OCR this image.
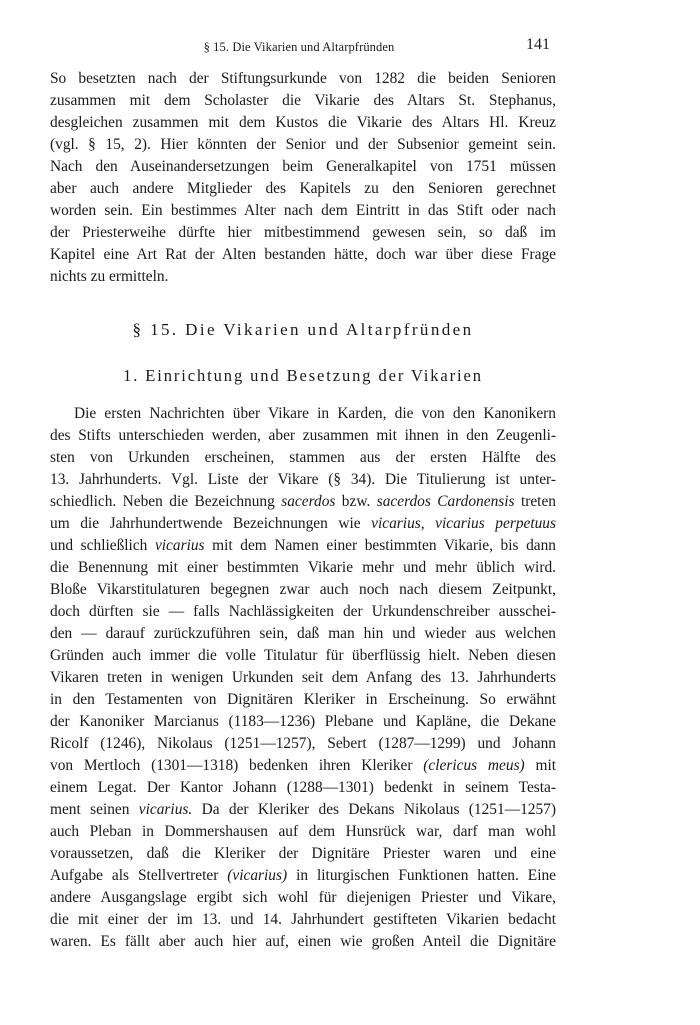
§ 15. Die Vikarien und Altarpfründen	141
So besetzten nach der Stiftungsurkunde von 1282 die beiden Senioren
zusammen mit dem Scholaster die Vikarie des Altars St. Stephanus,
desgleichen zusammen mit dem Kustos die Vikarie des Altars Hl. Kreuz
(vgl. § 15, 2). Hier könnten der Senior und der Subsenior gemeint sein.
Nach den Auseinandersetzungen beim Generalkapitel von 1751 müssen
aber auch andere Mitglieder des Kapitels zu den Senioren gerechnet
worden sein. Ein bestimmes Alter nach dem Eintritt in das Stift oder nach
der Priesterweihe dürfte hier mitbestimmend gewesen sein, so daß im
Kapitel eine Art Rat der Alten bestanden hätte, doch war über diese Frage
nichts zu ermitteln.
§ 15. Die Vikarien und Altarpfründen
1. Einrichtung und Besetzung der Vikarien
Die ersten Nachrichten über Vikare in Karden, die von den Kanonikern
des Stifts unterschieden werden, aber zusammen mit ihnen in den Zeugenli-
sten von Urkunden erscheinen, stammen aus der ersten Hälfte des
13. Jahrhunderts. Vgl. Liste der Vikare (§ 34). Die Titulierung ist unter-
schiedlich. Neben die Bezeichnung sacerdos bzw. sacerdos Cardonensis treten
um die Jahrhundertwende Bezeichnungen wie vicarius, vicarius perpetuus
und schließlich vicarius mit dem Namen einer bestimmten Vikarie, bis dann
die Benennung mit einer bestimmten Vikarie mehr und mehr üblich wird.
Bloße Vikarstitulaturen begegnen zwar auch noch nach diesem Zeitpunkt,
doch dürften sie — falls Nachlässigkeiten der Urkundenschreiber ausschei-
den — darauf zurückzuführen sein, daß man hin und wieder aus welchen
Gründen auch immer die volle Titulatur für überflüssig hielt. Neben diesen
Vikaren treten in wenigen Urkunden seit dem Anfang des 13. Jahrhunderts
in den Testamenten von Dignitären Kleriker in Erscheinung. So erwähnt
der Kanoniker Marcianus (1183—1236) Plebane und Kapläne, die Dekane
Ricolf (1246), Nikolaus (1251—1257), Sebert (1287—1299) und Johann
von Mertloch (1301—1318) bedenken ihren Kleriker (clericus meus) mit
einem Legat. Der Kantor Johann (1288—1301) bedenkt in seinem Testa-
ment seinen vicarius. Da der Kleriker des Dekans Nikolaus (1251—1257)
auch Pleban in Dommershausen auf dem Hunsrück war, darf man wohl
voraussetzen, daß die Kleriker der Dignitäre Priester waren und eine
Aufgabe als Stellvertreter (vicarius) in liturgischen Funktionen hatten. Eine
andere Ausgangslage ergibt sich wohl für diejenigen Priester und Vikare,
die mit einer der im 13. und 14. Jahrhundert gestifteten Vikarien bedacht
waren. Es fällt aber auch hier auf, einen wie großen Anteil die Dignitäre
